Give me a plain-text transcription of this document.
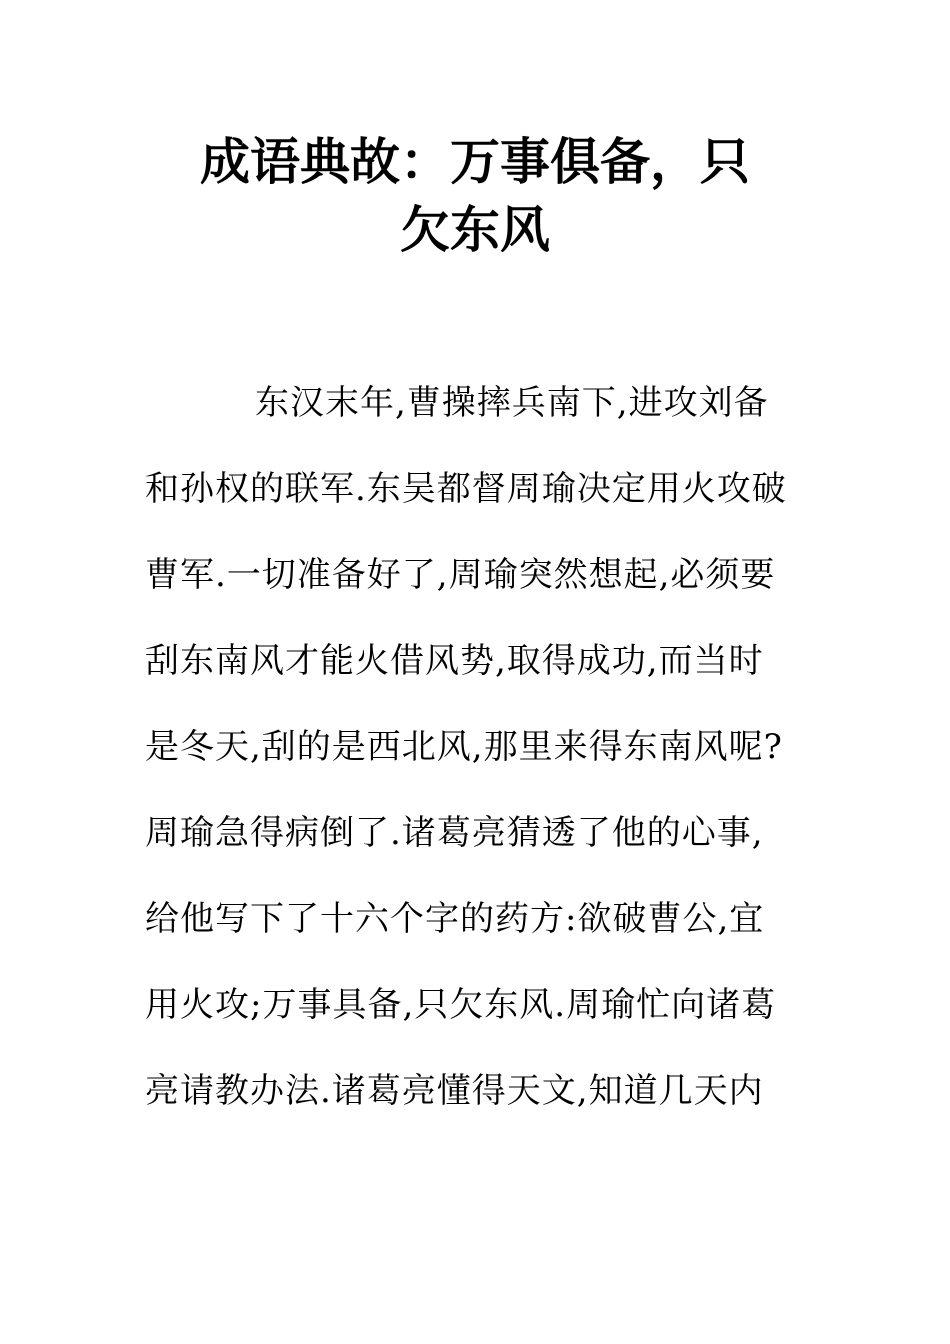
成语典故：万事俱备，只
欠东风
东汉末年,曹操摔兵南下,进攻刘备
和孙权的联军.东吴都督周瑜决定用火攻破
曹军.一切准备好了,周瑜突然想起,必须要
刮东南风才能火借风势,取得成功,而当时
是冬天,刮的是西北风,那里来得东南风呢?
周瑜急得病倒了.诸葛亮猜透了他的心事,
给他写下了十六个字的药方:欲破曹公,宜
用火攻;万事具备,只欠东风.周瑜忙向诸葛
亮请教办法.诸葛亮懂得天文,知道几天内
